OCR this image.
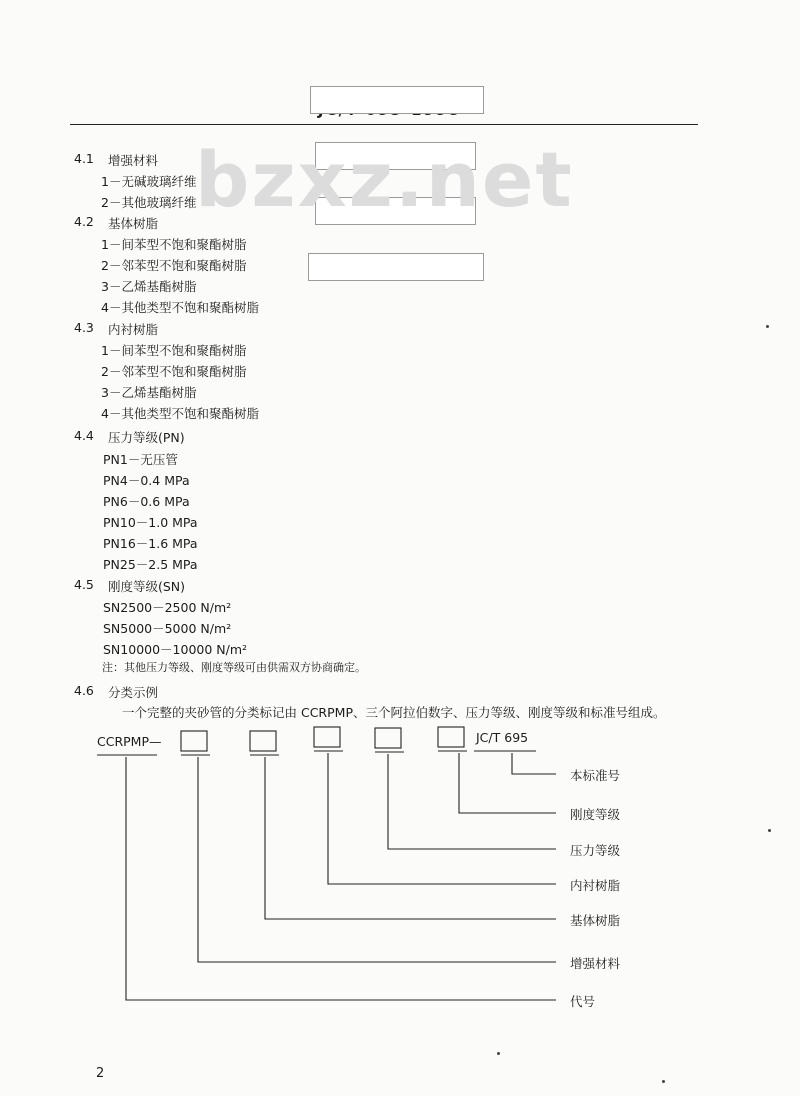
bzxz.net
4.1 增强材料
1－无碱玻璃纤维
2－其他玻璃纤维
4.2 基体树脂
1－间苯型不饱和聚酯树脂
2－邻苯型不饱和聚酯树脂
3－乙烯基酯树脂
4－其他类型不饱和聚酯树脂
4.3 内衬树脂
1－间苯型不饱和聚酯树脂
2－邻苯型不饱和聚酯树脂
3－乙烯基酯树脂
4－其他类型不饱和聚酯树脂
4.4 压力等级(PN)
PN1－无压管
PN4－0.4 MPa
PN6－0.6 MPa
PN10－1.0 MPa
PN16－1.6 MPa
PN25－2.5 MPa
4.5 刚度等级(SN)
SN2500－2500 N/m²
SN5000－5000 N/m²
SN10000－10000 N/m²
注：其他压力等级、刚度等级可由供需双方协商确定。
4.6 分类示例
一个完整的夹砂管的分类标记由 CCRPMP、三个阿拉伯数字、压力等级、刚度等级和标准号组成。
CCRPMP—	JC/T 695
本标准号
刚度等级
压力等级
内衬树脂
基体树脂
增强材料
代号
2
